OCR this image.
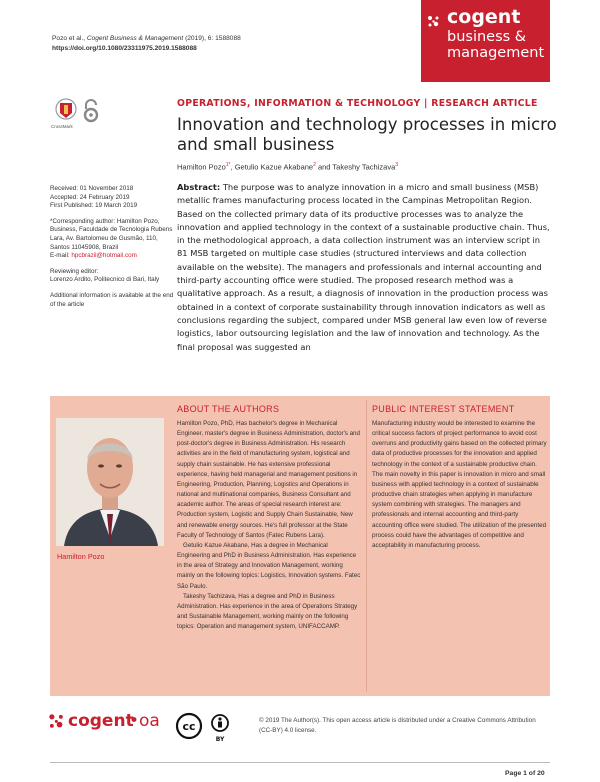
Pozo et al., Cogent Business & Management (2019), 6: 1588088
https://doi.org/10.1080/23311975.2019.1588088
cogent
business &
management
CrossMark

Received: 01 November 2018
Accepted: 24 February 2019
First Published: 19 March 2019

*Corresponding author: Hamilton Pozo, Business, Faculdade de Tecnologia Rubens Lara, Av. Bartolomeu de Gusmão, 110, Santos 11045908, Brazil
E-mail: hpcbrazil@hotmail.com

Reviewing editor:
Lorenzo Ardito, Politecnico di Bari, Italy

Additional information is available at the end of the article

OPERATIONS, INFORMATION & TECHNOLOGY | RESEARCH ARTICLE
Innovation and technology processes in micro and small business
Hamilton Pozo$^{1*}$, Getulio Kazue Akabane$^2$ and Takeshy Tachizava$^3$
Abstract: The purpose was to analyze innovation in a micro and small business (MSB) metallic frames manufacturing process located in the Campinas Metropolitan Region. Based on the collected primary data of its productive processes was to analyze the innovation and applied technology in the context of a sustainable productive chain. Thus, in the methodological approach, a data collection instrument was an interview script in 81 MSB targeted on multiple case studies (structured interviews and data collection available on the website). The managers and professionals and internal accounting and third-party accounting office were studied. The proposed research method was a qualitative approach. As a result, a diagnosis of innovation in the production process was obtained in a context of corporate sustainability through innovation indicators as well as conclusions regarding the subject, compared under MSB general law even low of reverse logistics, labor outsourcing legislation and the law of innovation and technology. As the final proposal was suggested an
Hamilton Pozo
ABOUT THE AUTHORS

Hamilton Pozo, PhD, Has bachelor's degree in Mechanical Engineer, master's degree in Business Administration, doctor's and post-doctor's degree in Business Administration. His research activities are in the field of manufacturing system, logistical and supply chain sustainable. He has extensive professional experience, having held managerial and management positions in Engineering, Production, Planning, Logistics and Operations in national and multinational companies, Business Consultant and academic author. The areas of special research interest are: Production system, Logistic and Supply Chain Sustainable, New and renewable energy sources. He's full professor at the State Faculty of Technology of Santos (Fatec Rubens Lara).

Getulio Kazue Akabane, Has a degree in Mechanical Engineering and PhD in Business Administration. Has experience in the area of Strategy and Innovation Management, working mainly on the following topics: Logistics, Innovation systems. Fatec São Paulo.

Takeshy Tachizava, Has a degree and PhD in Business Administration. Has experience in the area of Operations Strategy and Sustainable Management, working mainly on the following topics: Operation and management system, UNIFACCAMP.

PUBLIC INTEREST STATEMENT
Manufacturing industry would be interested to examine the critical success factors of project performance to avoid cost overruns and productivity gains based on the collected primary data of productive processes for the innovation and applied technology in the context of a sustainable productive chain. The main novelty in this paper is innovation in micro and small business with applied technology in a context of sustainable productive chain strategies when applying in manufacture system combining with strategies. The managers and professionals and internal accounting and third-party accounting office were studied. The utilization of the presented process could have the advantages of competitive and acceptability in manufacturing process.
cogent
•oa cc
BY
© 2019 The Author(s). This open access article is distributed under a Creative Commons Attribution (CC-BY) 4.0 license.
Page 1 of 20
